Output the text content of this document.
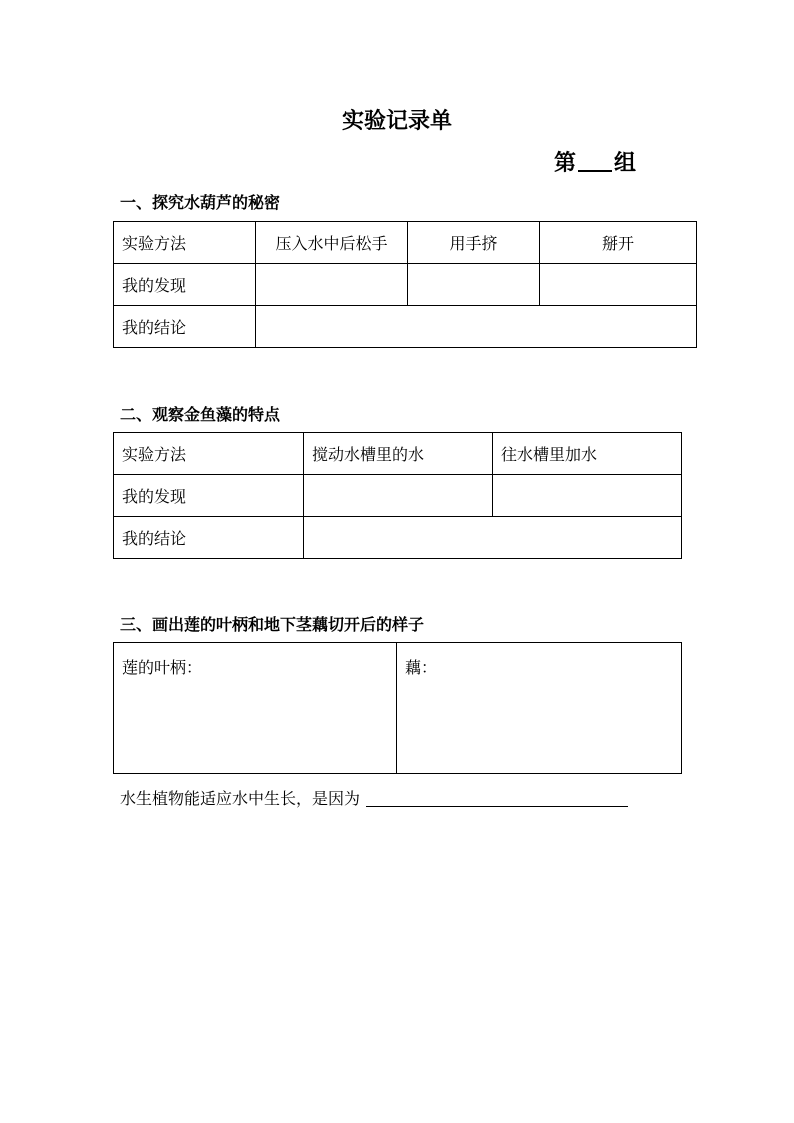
实验记录单
第 组
一、探究水葫芦的秘密
实验方法	压入水中后松手	用手挤	掰开
我的发现			
我的结论			
二、观察金鱼藻的特点
实验方法	搅动水槽里的水	往水槽里加水
我的发现		
我的结论		
三、画出莲的叶柄和地下茎藕切开后的样子
莲的叶柄：	藕：
水生植物能适应水中生长，是因为
